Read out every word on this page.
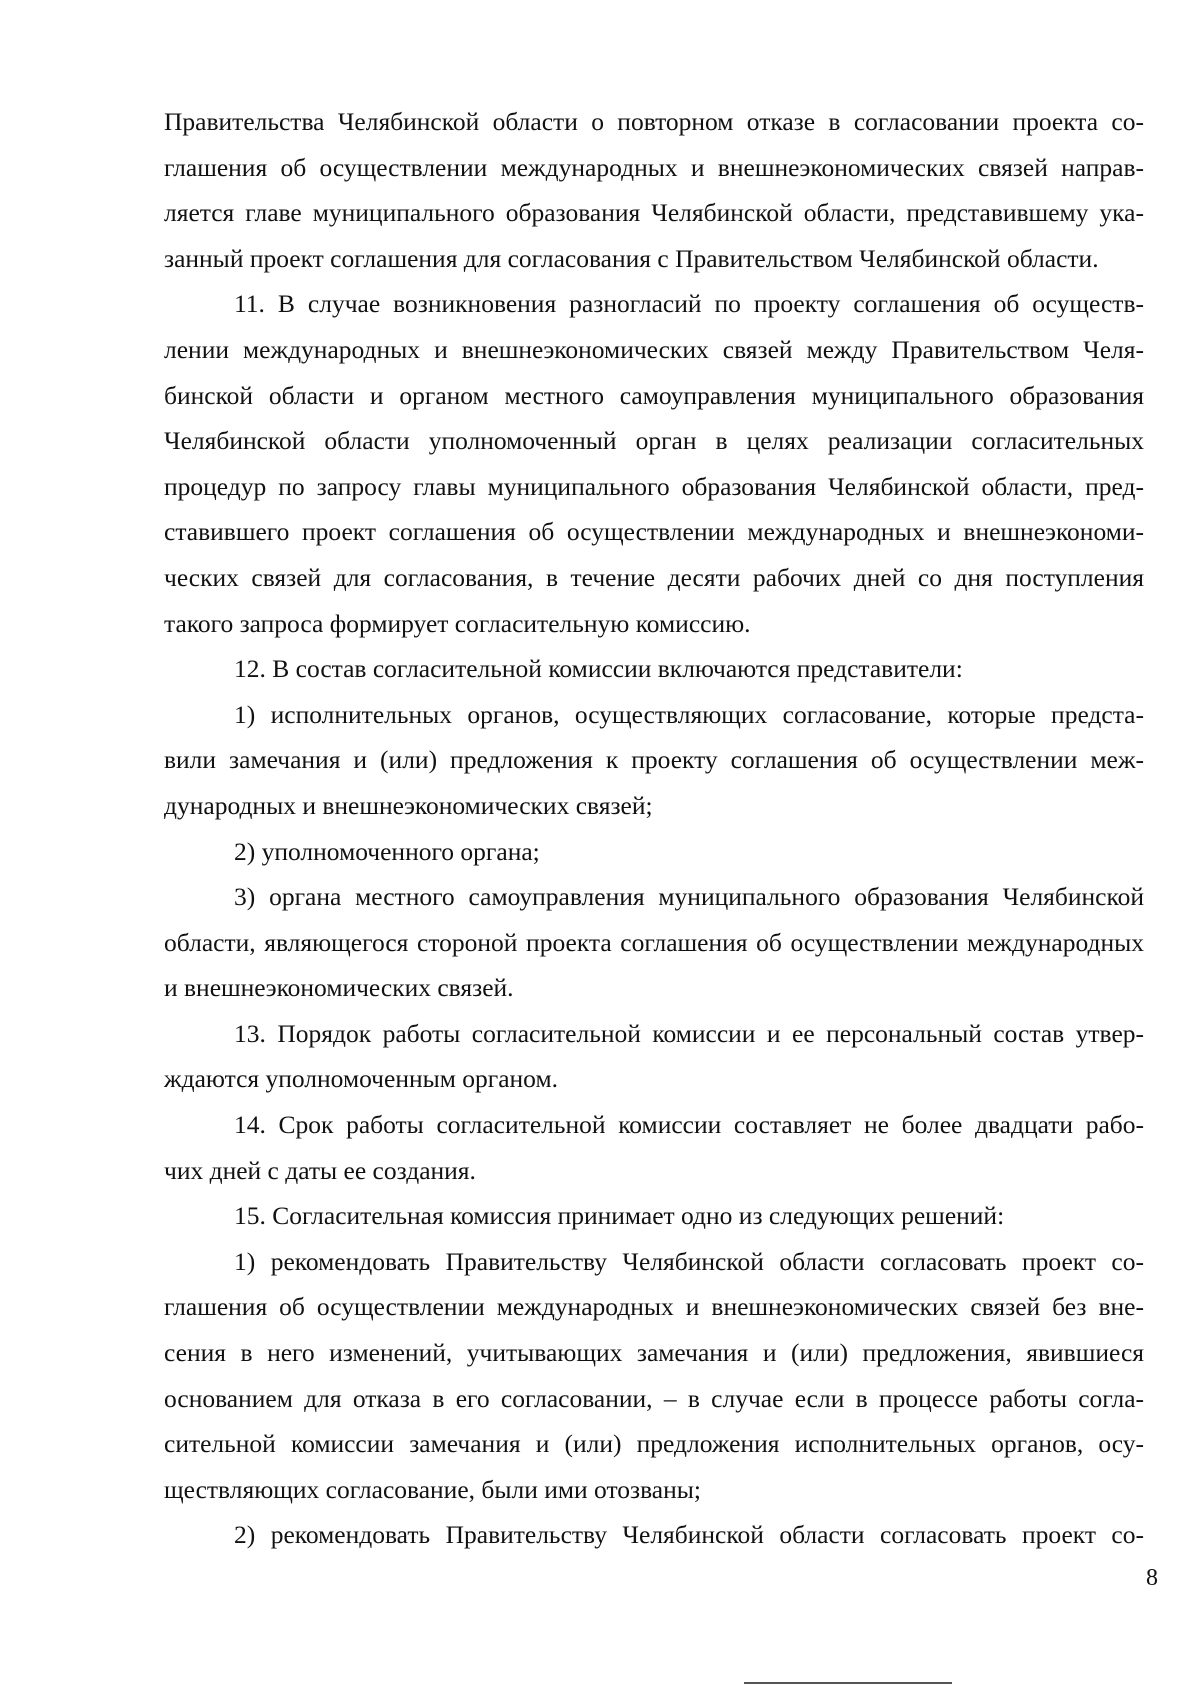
Правительства Челябинской области о повторном отказе в согласовании проекта со-
глашения об осуществлении международных и внешнеэкономических связей направ-
ляется главе муниципального образования Челябинской области, представившему ука-
занный проект соглашения для согласования с Правительством Челябинской области.
11. В случае возникновения разногласий по проекту соглашения об осуществ-
лении международных и внешнеэкономических связей между Правительством Челя-
бинской области и органом местного самоуправления муниципального образования
Челябинской области уполномоченный орган в целях реализации согласительных
процедур по запросу главы муниципального образования Челябинской области, пред-
ставившего проект соглашения об осуществлении международных и внешнеэкономи-
ческих связей для согласования, в течение десяти рабочих дней со дня поступления
такого запроса формирует согласительную комиссию.
12. В состав согласительной комиссии включаются представители:
1) исполнительных органов, осуществляющих согласование, которые предста-
вили замечания и (или) предложения к проекту соглашения об осуществлении меж-
дународных и внешнеэкономических связей;
2) уполномоченного органа;
3) органа местного самоуправления муниципального образования Челябинской
области, являющегося стороной проекта соглашения об осуществлении международных
и внешнеэкономических связей.
13. Порядок работы согласительной комиссии и ее персональный состав утвер-
ждаются уполномоченным органом.
14. Срок работы согласительной комиссии составляет не более двадцати рабо-
чих дней с даты ее создания.
15. Согласительная комиссия принимает одно из следующих решений:
1) рекомендовать Правительству Челябинской области согласовать проект со-
глашения об осуществлении международных и внешнеэкономических связей без вне-
сения в него изменений, учитывающих замечания и (или) предложения, явившиеся
основанием для отказа в его согласовании, – в случае если в процессе работы согла-
сительной комиссии замечания и (или) предложения исполнительных органов, осу-
ществляющих согласование, были ими отозваны;
2) рекомендовать Правительству Челябинской области согласовать проект со-
8
